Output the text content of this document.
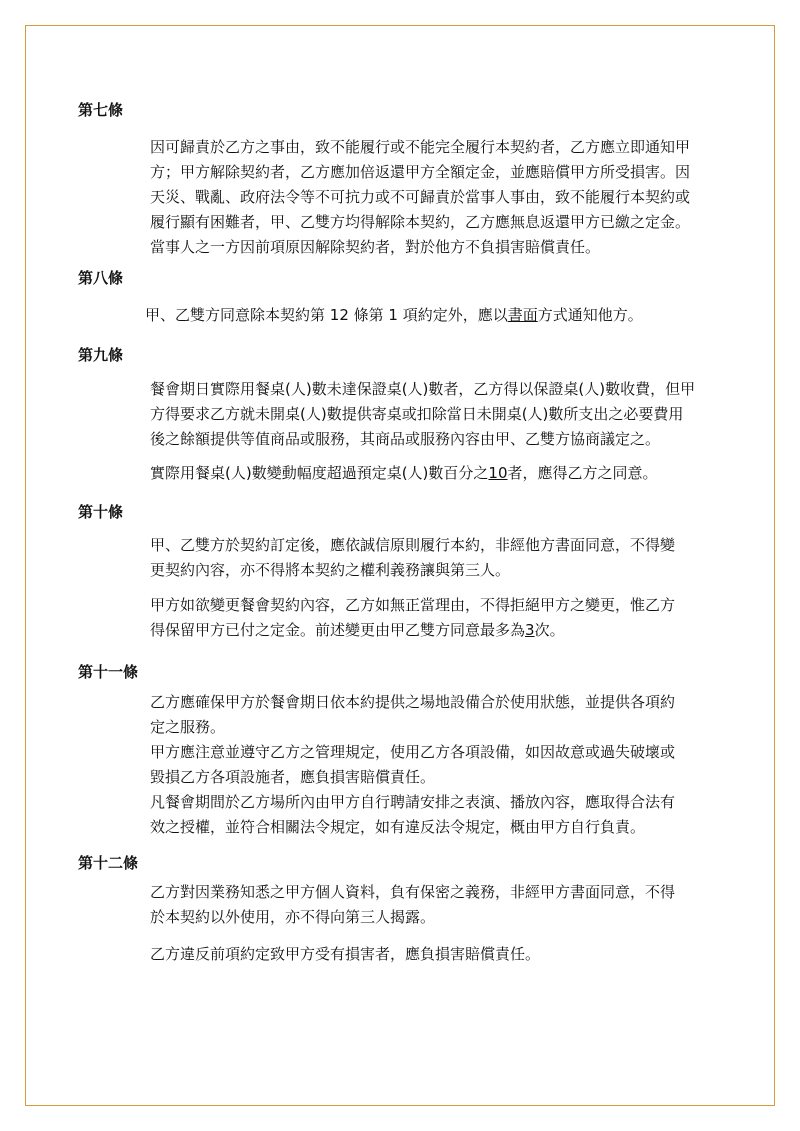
第七條
因可歸責於乙方之事由，致不能履行或不能完全履行本契約者，乙方應立即通知甲
方；甲方解除契約者，乙方應加倍返還甲方全額定金，並應賠償甲方所受損害。因
天災、戰亂、政府法令等不可抗力或不可歸責於當事人事由，致不能履行本契約或
履行顯有困難者，甲、乙雙方均得解除本契約，乙方應無息返還甲方已繳之定金。
當事人之一方因前項原因解除契約者，對於他方不負損害賠償責任。
第八條
甲、乙雙方同意除本契約第 12 條第 1 項約定外，應以書面方式通知他方。
第九條
餐會期日實際用餐桌(人)數未達保證桌(人)數者，乙方得以保證桌(人)數收費，但甲
方得要求乙方就未開桌(人)數提供寄桌或扣除當日未開桌(人)數所支出之必要費用
後之餘額提供等值商品或服務，其商品或服務內容由甲、乙雙方協商議定之。
實際用餐桌(人)數變動幅度超過預定桌(人)數百分之10者，應得乙方之同意。
第十條
甲、乙雙方於契約訂定後，應依誠信原則履行本約，非經他方書面同意，不得變
更契約內容，亦不得將本契約之權利義務讓與第三人。
甲方如欲變更餐會契約內容，乙方如無正當理由，不得拒絕甲方之變更，惟乙方
得保留甲方已付之定金。前述變更由甲乙雙方同意最多為3次。
第十一條
乙方應確保甲方於餐會期日依本約提供之場地設備合於使用狀態，並提供各項約
定之服務。
甲方應注意並遵守乙方之管理規定，使用乙方各項設備，如因故意或過失破壞或
毀損乙方各項設施者，應負損害賠償責任。
凡餐會期間於乙方場所內由甲方自行聘請安排之表演、播放內容，應取得合法有
效之授權，並符合相關法令規定，如有違反法令規定，概由甲方自行負責。
第十二條
乙方對因業務知悉之甲方個人資料，負有保密之義務，非經甲方書面同意，不得
於本契約以外使用，亦不得向第三人揭露。
乙方違反前項約定致甲方受有損害者，應負損害賠償責任。
